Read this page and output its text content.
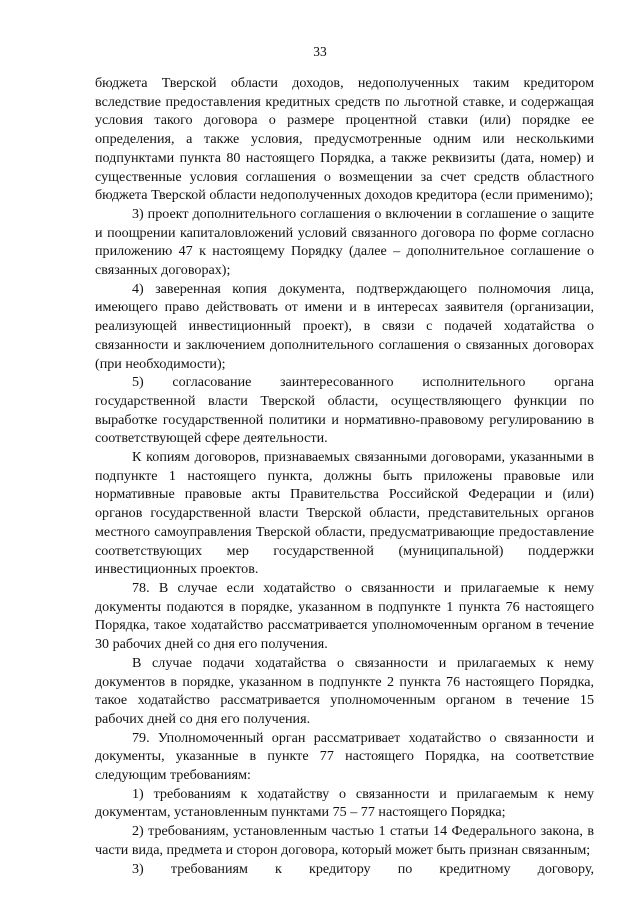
33

бюджета Тверской области доходов, недополученных таким кредитором вследствие предоставления кредитных средств по льготной ставке, и содержащая условия такого договора о размере процентной ставки (или) порядке ее определения, а также условия, предусмотренные одним или несколькими подпунктами пункта 80 настоящего Порядка, а также реквизиты (дата, номер) и существенные условия соглашения о возмещении за счет средств областного бюджета Тверской области недополученных доходов кредитора (если применимо);

3) проект дополнительного соглашения о включении в соглашение о защите и поощрении капиталовложений условий связанного договора по форме согласно приложению 47 к настоящему Порядку (далее – дополнительное соглашение о связанных договорах);

4) заверенная копия документа, подтверждающего полномочия лица, имеющего право действовать от имени и в интересах заявителя (организации, реализующей инвестиционный проект), в связи с подачей ходатайства о связанности и заключением дополнительного соглашения о связанных договорах (при необходимости);

5) согласование заинтересованного исполнительного органа государственной власти Тверской области, осуществляющего функции по выработке государственной политики и нормативно-правовому регулированию в соответствующей сфере деятельности.

К копиям договоров, признаваемых связанными договорами, указанными в подпункте 1 настоящего пункта, должны быть приложены правовые или нормативные правовые акты Правительства Российской Федерации и (или) органов государственной власти Тверской области, представительных органов местного самоуправления Тверской области, предусматривающие предоставление соответствующих мер государственной (муниципальной) поддержки инвестиционных проектов.

78. В случае если ходатайство о связанности и прилагаемые к нему документы подаются в порядке, указанном в подпункте 1 пункта 76 настоящего Порядка, такое ходатайство рассматривается уполномоченным органом в течение 30 рабочих дней со дня его получения.

В случае подачи ходатайства о связанности и прилагаемых к нему документов в порядке, указанном в подпункте 2 пункта 76 настоящего Порядка, такое ходатайство рассматривается уполномоченным органом в течение 15 рабочих дней со дня его получения.

79. Уполномоченный орган рассматривает ходатайство о связанности и документы, указанные в пункте 77 настоящего Порядка, на соответствие следующим требованиям:

1) требованиям к ходатайству о связанности и прилагаемым к нему документам, установленным пунктами 75 – 77 настоящего Порядка;

2) требованиям, установленным частью 1 статьи 14 Федерального закона, в части вида, предмета и сторон договора, который может быть признан связанным;

3) требованиям к кредитору по кредитному договору,
